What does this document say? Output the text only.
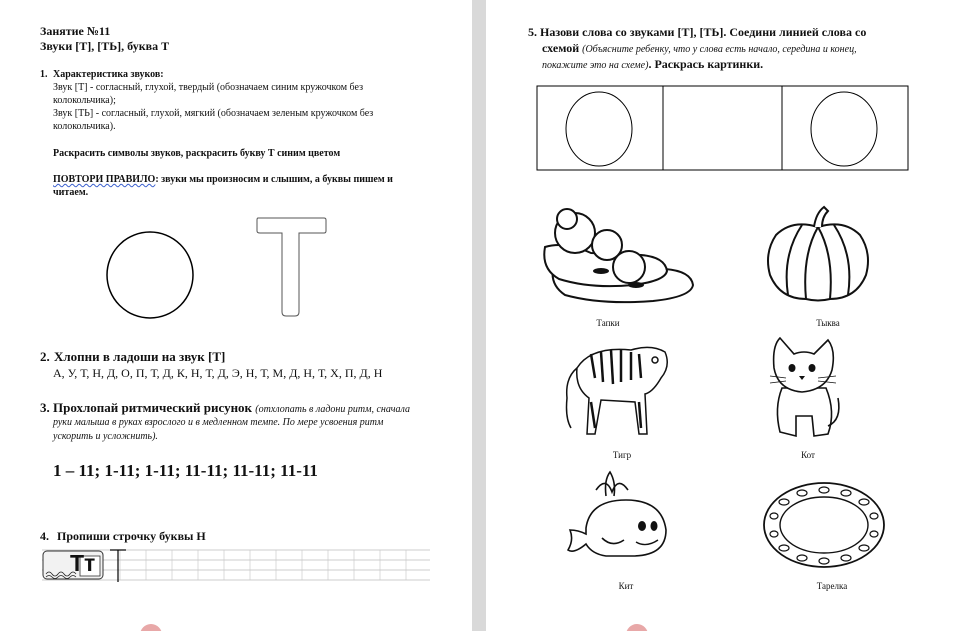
Занятие №11
Звуки [Т], [ТЬ], буква Т
1. Характеристика звуков:
Звук [Т] - согласный, глухой, твердый (обозначаем синим кружочком без
колокольчика);
Звук [ТЬ] - согласный, глухой, мягкий (обозначаем зеленым кружочком без
колокольчика).
Раскрасить символы звуков, раскрасить букву Т синим цветом
ПОВТОРИ ПРАВИЛО: звуки мы произносим и слышим, а буквы пишем и
читаем.
2. Хлопни в ладоши на звук [Т]
А, У, Т, Н, Д, О, П, Т, Д, К, Н, Т, Д, Э, Н, Т, М, Д, Н, Т, Х, П, Д, Н
3. Прохлопай ритмический рисунок (отхлопать в ладони ритм, сначала
руки малыша в руках взрослого и в медленном темпе. По мере усвоения ритм
ускорить и усложнить).
1 – 11; 1-11; 1-11; 11-11; 11-11; 11-11
4. Пропиши строчку буквы Н
Тт
5. Назови слова со звуками [Т], [ТЬ]. Соедини линией слова со
схемой (Объясните ребенку, что у слова есть начало, середина и конец,
покажите это на схеме). Раскрась картинки.
Тапки	Тыква
Тигр	Кот
Кит	Тарелка
